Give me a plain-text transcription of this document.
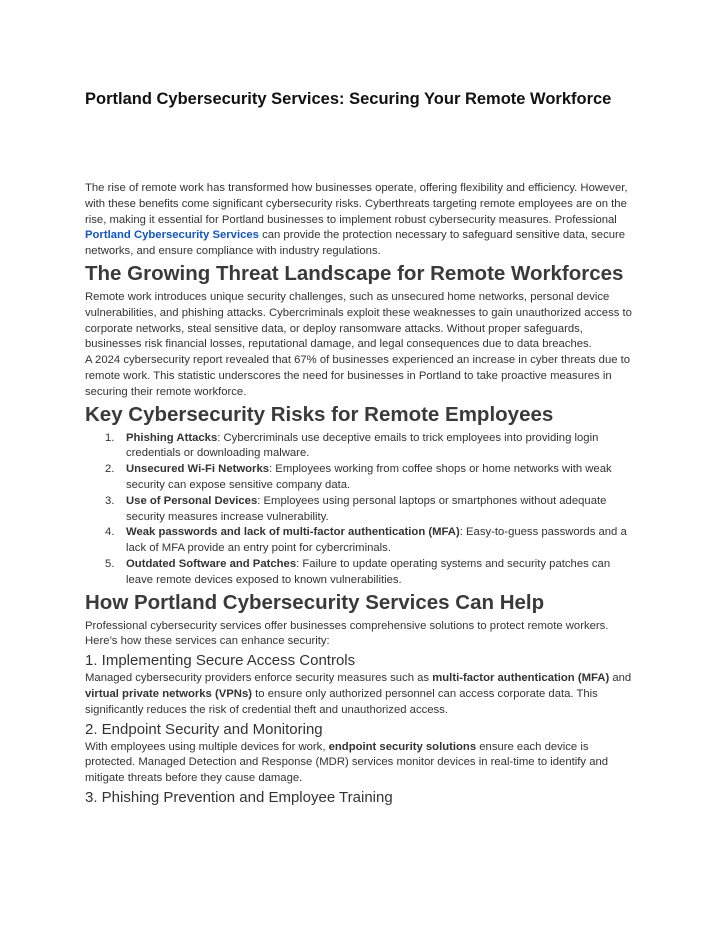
Portland Cybersecurity Services: Securing Your Remote Workforce

The rise of remote work has transformed how businesses operate, offering flexibility and efficiency. However, with these benefits come significant cybersecurity risks. Cyberthreats targeting remote employees are on the rise, making it essential for Portland businesses to implement robust cybersecurity measures. Professional Portland Cybersecurity Services can provide the protection necessary to safeguard sensitive data, secure networks, and ensure compliance with industry regulations.

The Growing Threat Landscape for Remote Workforces

Remote work introduces unique security challenges, such as unsecured home networks, personal device vulnerabilities, and phishing attacks. Cybercriminals exploit these weaknesses to gain unauthorized access to corporate networks, steal sensitive data, or deploy ransomware attacks. Without proper safeguards, businesses risk financial losses, reputational damage, and legal consequences due to data breaches.

A 2024 cybersecurity report revealed that 67% of businesses experienced an increase in cyber threats due to remote work. This statistic underscores the need for businesses in Portland to take proactive measures in securing their remote workforce.

Key Cybersecurity Risks for Remote Employees
1. Phishing Attacks: Cybercriminals use deceptive emails to trick employees into providing login credentials or downloading malware.
2. Unsecured Wi-Fi Networks: Employees working from coffee shops or home networks with weak security can expose sensitive company data.
3. Use of Personal Devices: Employees using personal laptops or smartphones without adequate security measures increase vulnerability.
4. Weak passwords and lack of multi-factor authentication (MFA): Easy-to-guess passwords and a lack of MFA provide an entry point for cybercriminals.
5. Outdated Software and Patches: Failure to update operating systems and security patches can leave remote devices exposed to known vulnerabilities.
How Portland Cybersecurity Services Can Help

Professional cybersecurity services offer businesses comprehensive solutions to protect remote workers. Here’s how these services can enhance security:

1. Implementing Secure Access Controls

Managed cybersecurity providers enforce security measures such as multi-factor authentication (MFA) and virtual private networks (VPNs) to ensure only authorized personnel can access corporate data. This significantly reduces the risk of credential theft and unauthorized access.

2. Endpoint Security and Monitoring

With employees using multiple devices for work, endpoint security solutions ensure each device is protected. Managed Detection and Response (MDR) services monitor devices in real-time to identify and mitigate threats before they cause damage.

3. Phishing Prevention and Employee Training
